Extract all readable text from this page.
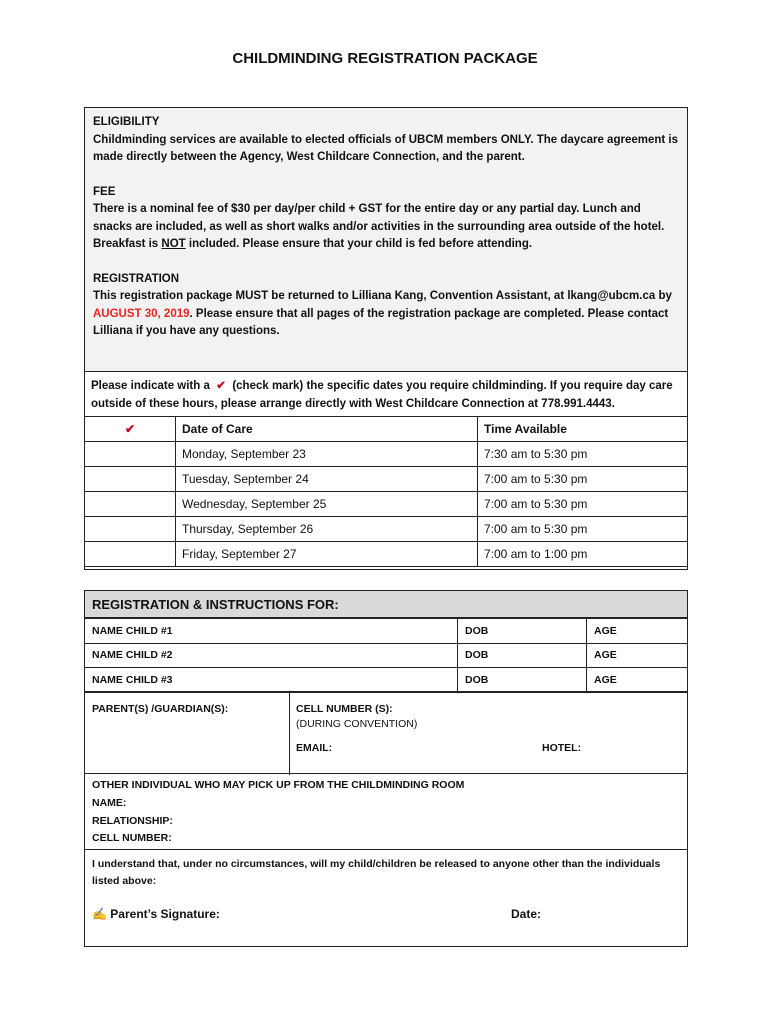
CHILDMINDING REGISTRATION PACKAGE

ELIGIBILITY

Childminding services are available to elected officials of UBCM members ONLY. The daycare agreement is made directly between the Agency, West Childcare Connection, and the parent.

FEE

There is a nominal fee of $30 per day/per child + GST for the entire day or any partial day. Lunch and snacks are included, as well as short walks and/or activities in the surrounding area outside of the hotel. Breakfast is NOT included. Please ensure that your child is fed before attending.

REGISTRATION

This registration package MUST be returned to Lilliana Kang, Convention Assistant, at lkang@ubcm.ca by AUGUST 30, 2019. Please ensure that all pages of the registration package are completed. Please contact Lilliana if you have any questions.

Please indicate with a ✔ (check mark) the specific dates you require childminding. If you require day care outside of these hours, please arrange directly with West Childcare Connection at 778.991.4443.
✔	Date of Care	Time Available
	Monday, September 23	7:30 am to 5:30 pm
	Tuesday, September 24	7:00 am to 5:30 pm
	Wednesday, September 25	7:00 am to 5:30 pm
	Thursday, September 26	7:00 am to 5:30 pm
	Friday, September 27	7:00 am to 1:00 pm
REGISTRATION & INSTRUCTIONS FOR:
NAME CHILD #1	DOB	AGE
NAME CHILD #2	DOB	AGE
NAME CHILD #3	DOB	AGE
PARENT(S) /GUARDIAN(S):	CELL NUMBER (S):
(DURING CONVENTION)
EMAIL:	HOTEL:
OTHER INDIVIDUAL WHO MAY PICK UP FROM THE CHILDMINDING ROOM
NAME:
RELATIONSHIP:
CELL NUMBER:
I understand that, under no circumstances, will my child/children be released to anyone other than the individuals listed above:
✍ Parent’s Signature:	Date:
